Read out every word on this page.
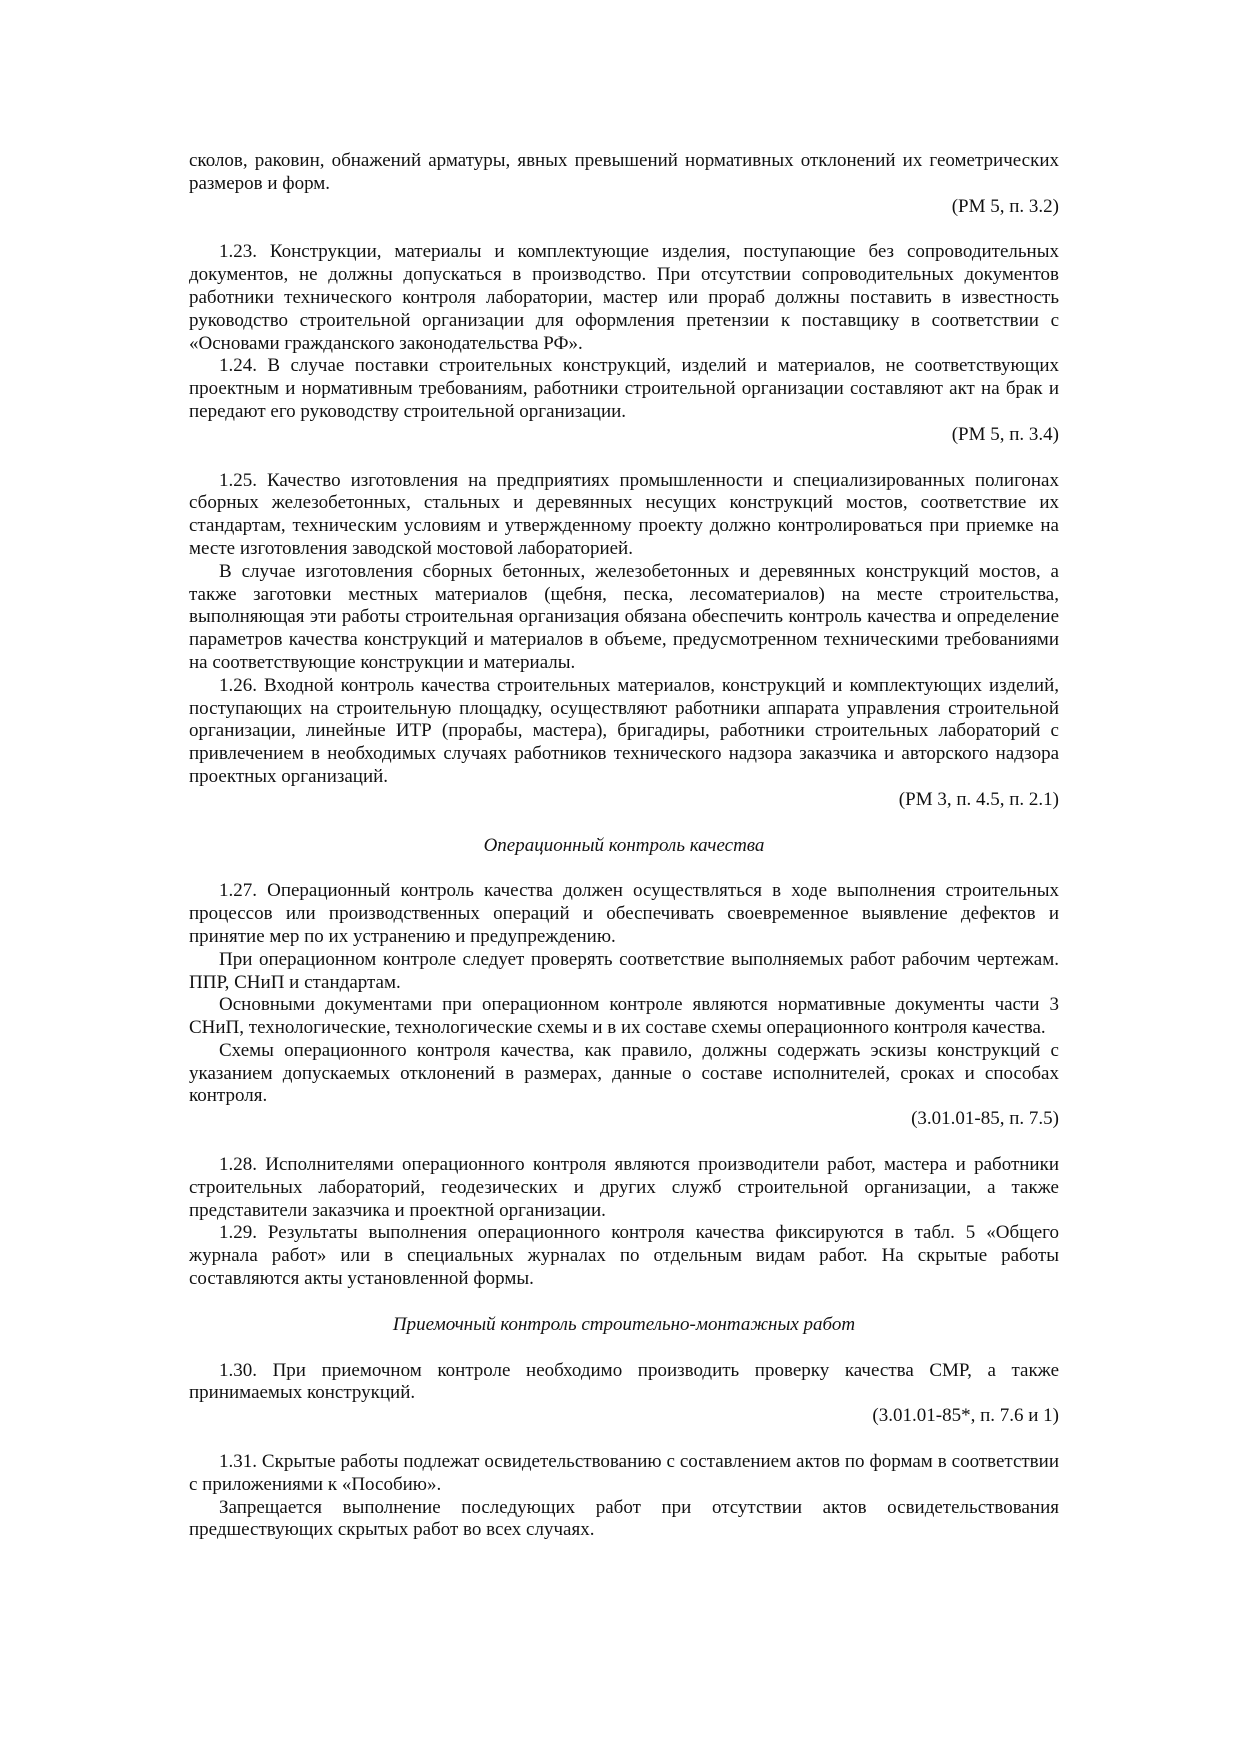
сколов, раковин, обнажений арматуры, явных превышений нормативных отклонений их геометрических размеров и форм.

(РМ 5, п. 3.2)

1.23. Конструкции, материалы и комплектующие изделия, поступающие без сопроводительных документов, не должны допускаться в производство. При отсутствии сопроводительных документов работники технического контроля лаборатории, мастер или прораб должны поставить в известность руководство строительной организации для оформления претензии к поставщику в соответствии с «Основами гражданского законодательства РФ».

1.24. В случае поставки строительных конструкций, изделий и материалов, не соответствующих проектным и нормативным требованиям, работники строительной организации составляют акт на брак и передают его руководству строительной организации.

(РМ 5, п. 3.4)

1.25. Качество изготовления на предприятиях промышленности и специализированных полигонах сборных железобетонных, стальных и деревянных несущих конструкций мостов, соответствие их стандартам, техническим условиям и утвержденному проекту должно контролироваться при приемке на месте изготовления заводской мостовой лабораторией.

В случае изготовления сборных бетонных, железобетонных и деревянных конструкций мостов, а также заготовки местных материалов (щебня, песка, лесоматериалов) на месте строительства, выполняющая эти работы строительная организация обязана обеспечить контроль качества и определение параметров качества конструкций и материалов в объеме, предусмотренном техническими требованиями на соответствующие конструкции и материалы.

1.26. Входной контроль качества строительных материалов, конструкций и комплектующих изделий, поступающих на строительную площадку, осуществляют работники аппарата управления строительной организации, линейные ИТР (прорабы, мастера), бригадиры, работники строительных лабораторий с привлечением в необходимых случаях работников технического надзора заказчика и авторского надзора проектных организаций.

(РМ 3, п. 4.5, п. 2.1)

Операционный контроль качества

1.27. Операционный контроль качества должен осуществляться в ходе выполнения строительных процессов или производственных операций и обеспечивать своевременное выявление дефектов и принятие мер по их устранению и предупреждению.

При операционном контроле следует проверять соответствие выполняемых работ рабочим чертежам. ППР, СНиП и стандартам.

Основными документами при операционном контроле являются нормативные документы части 3 СНиП, технологические, технологические схемы и в их составе схемы операционного контроля качества.

Схемы операционного контроля качества, как правило, должны содержать эскизы конструкций с указанием допускаемых отклонений в размерах, данные о составе исполнителей, сроках и способах контроля.

(3.01.01-85, п. 7.5)

1.28. Исполнителями операционного контроля являются производители работ, мастера и работники строительных лабораторий, геодезических и других служб строительной организации, а также представители заказчика и проектной организации.

1.29. Результаты выполнения операционного контроля качества фиксируются в табл. 5 «Общего журнала работ» или в специальных журналах по отдельным видам работ. На скрытые работы составляются акты установленной формы.

Приемочный контроль строительно-монтажных работ

1.30. При приемочном контроле необходимо производить проверку качества СМР, а также принимаемых конструкций.

(3.01.01-85*, п. 7.6 и 1)

1.31. Скрытые работы подлежат освидетельствованию с составлением актов по формам в соответствии с приложениями к «Пособию».

Запрещается выполнение последующих работ при отсутствии актов освидетельствования предшествующих скрытых работ во всех случаях.
